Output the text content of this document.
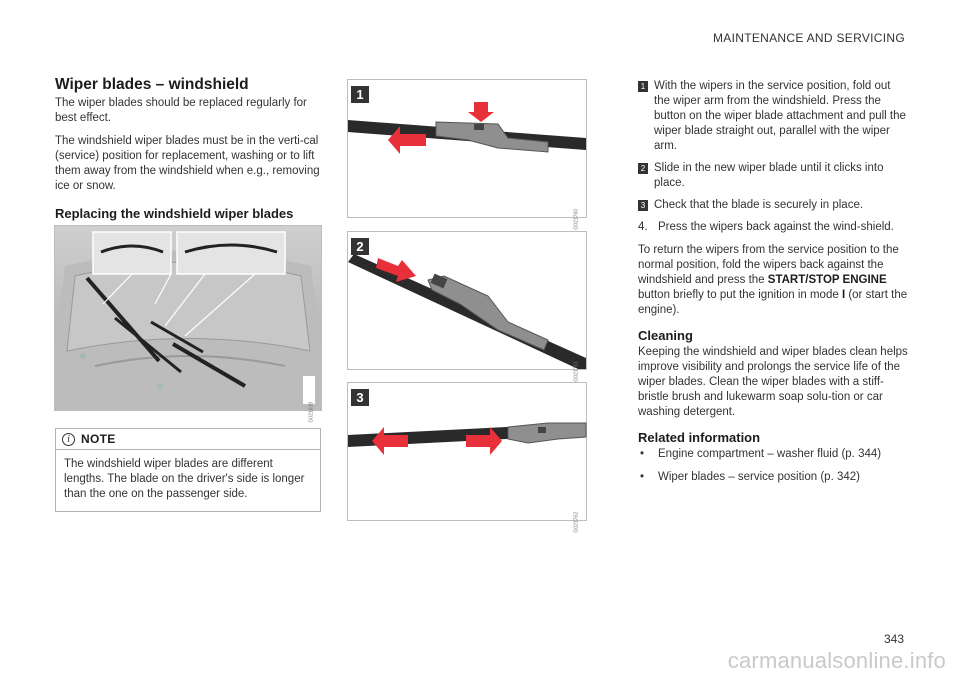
MAINTENANCE AND SERVICING
Wiper blades – windshield

The wiper blades should be replaced regularly for best effect.

The windshield wiper blades must be in the verti-cal (service) position for replacement, washing or to lift them away from the windshield when e.g., removing ice or snow.

Replacing the windshield wiper blades
G021639
i NOTE
The windshield wiper blades are different lengths. The blade on the driver's side is longer than the one on the passenger side.
1
G021760
2
G021761
3
G021762
1 With the wipers in the service position, fold out the wiper arm from the windshield. Press the button on the wiper blade attachment and pull the wiper blade straight out, parallel with the wiper arm.
2 Slide in the new wiper blade until it clicks into place.
3 Check that the blade is securely in place.
4. Press the wipers back against the wind-shield.

To return the wipers from the service position to the normal position, fold the wipers back against the windshield and press the START/STOP ENGINE button briefly to put the ignition in mode I (or start the engine).

Cleaning

Keeping the windshield and wiper blades clean helps improve visibility and prolongs the service life of the wiper blades. Clean the wiper blades with a stiff-bristle brush and lukewarm soap solu-tion or car washing detergent.

Related information
• Engine compartment – washer fluid (p. 344)
• Wiper blades – service position (p. 342)
343
carmanualsonline.info
